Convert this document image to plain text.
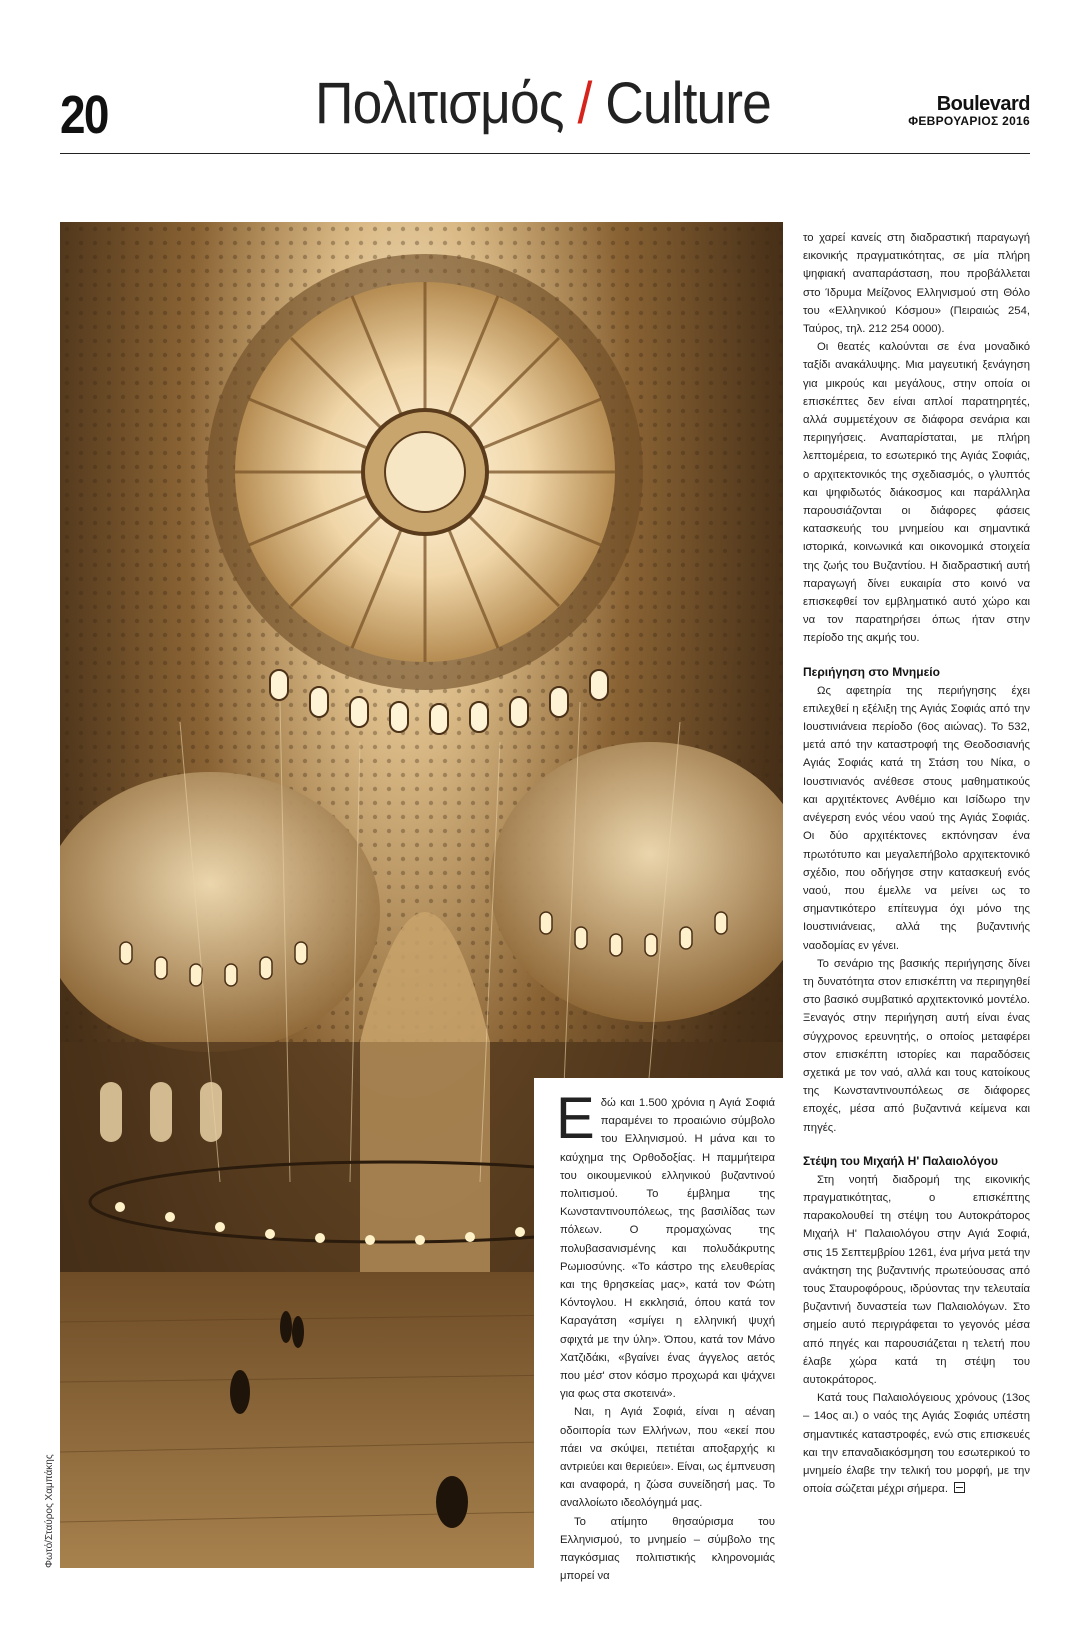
20	Πολιτισμός / Culture	Boulevard
ΦΕΒΡΟΥΑΡΙΟΣ 2016
Φωτό/Σταύρος Χαμπάκης

Εδώ και 1.500 χρόνια η Αγιά Σοφιά παραμένει το προαιώνιο σύμβολο του Ελληνισμού. Η μάνα και το καύχημα της Ορθοδοξίας. Η παμμήτειρα του οικουμενικού ελληνικού βυζαντινού πολιτισμού. Το έμβλημα της Κωνσταντινουπόλεως, της βασιλίδας των πόλεων. Ο προμαχώνας της πολυβασανισμένης και πολυδάκρυτης Ρωμιοσύνης. «Το κάστρο της ελευθερίας και της θρησκείας μας», κατά τον Φώτη Κόντογλου. Η εκκλησιά, όπου κατά τον Καραγάτση «σμίγει η ελληνική ψυχή σφιχτά με την ύλη». Όπου, κατά τον Μάνο Χατζιδάκι, «βγαίνει ένας άγγελος αετός που μέσ' στον κόσμο προχωρά και ψάχνει για φως στα σκοτεινά».

Ναι, η Αγιά Σοφιά, είναι η αέναη οδοιπορία των Ελλήνων, που «εκεί που πάει να σκύψει, πετιέται αποξαρχής κι αντριεύει και θεριεύει». Είναι, ως έμπνευση και αναφορά, η ζώσα συνείδησή μας. Το αναλλοίωτο ιδεολόγημά μας.

Το ατίμητο θησαύρισμα του Ελληνισμού, το μνημείο – σύμβολο της παγκόσμιας πολιτιστικής κληρονομιάς μπορεί να

το χαρεί κανείς στη διαδραστική παραγωγή εικονικής πραγματικότητας, σε μία πλήρη ψηφιακή αναπαράσταση, που προβάλλεται στο Ίδρυμα Μείζονος Ελληνισμού στη Θόλο του «Ελληνικού Κόσμου» (Πειραιώς 254, Ταύρος, τηλ. 212 254 0000).

Οι θεατές καλούνται σε ένα μοναδικό ταξίδι ανακάλυψης. Μια μαγευτική ξενάγηση για μικρούς και μεγάλους, στην οποία οι επισκέπτες δεν είναι απλοί παρατηρητές, αλλά συμμετέχουν σε διάφορα σενάρια και περιηγήσεις. Αναπαρίσταται, με πλήρη λεπτομέρεια, το εσωτερικό της Αγιάς Σοφιάς, ο αρχιτεκτονικός της σχεδιασμός, ο γλυπτός και ψηφιδωτός διάκοσμος και παράλληλα παρουσιάζονται οι διάφορες φάσεις κατασκευής του μνημείου και σημαντικά ιστορικά, κοινωνικά και οικονομικά στοιχεία της ζωής του Βυζαντίου. Η διαδραστική αυτή παραγωγή δίνει ευκαιρία στο κοινό να επισκεφθεί τον εμβληματικό αυτό χώρο και να τον παρατηρήσει όπως ήταν στην περίοδο της ακμής του.

Περιήγηση στο Μνημείο

Ως αφετηρία της περιήγησης έχει επιλεχθεί η εξέλιξη της Αγιάς Σοφιάς από την Ιουστινιάνεια περίοδο (6ος αιώνας). Το 532, μετά από την καταστροφή της Θεοδοσιανής Αγιάς Σοφιάς κατά τη Στάση του Νίκα, ο Ιουστινιανός ανέθεσε στους μαθηματικούς και αρχιτέκτονες Ανθέμιο και Ισίδωρο την ανέγερση ενός νέου ναού της Αγιάς Σοφιάς. Οι δύο αρχιτέκτονες εκπόνησαν ένα πρωτότυπο και μεγαλεπήβολο αρχιτεκτονικό σχέδιο, που οδήγησε στην κατασκευή ενός ναού, που έμελλε να μείνει ως το σημαντικότερο επίτευγμα όχι μόνο της Ιουστινιάνειας, αλλά της βυζαντινής ναοδομίας εν γένει.

Το σενάριο της βασικής περιήγησης δίνει τη δυνατότητα στον επισκέπτη να περιηγηθεί στο βασικό συμβατικό αρχιτεκτονικό μοντέλο. Ξεναγός στην περιήγηση αυτή είναι ένας σύγχρονος ερευνητής, ο οποίος μεταφέρει στον επισκέπτη ιστορίες και παραδόσεις σχετικά με τον ναό, αλλά και τους κατοίκους της Κωνσταντινουπόλεως σε διάφορες εποχές, μέσα από βυζαντινά κείμενα και πηγές.

Στέψη του Μιχαήλ Η' Παλαιολόγου

Στη νοητή διαδρομή της εικονικής πραγματικότητας, ο επισκέπτης παρακολουθεί τη στέψη του Αυτοκράτορος Μιχαήλ Η' Παλαιολόγου στην Αγιά Σοφιά, στις 15 Σεπτεμβρίου 1261, ένα μήνα μετά την ανάκτηση της βυζαντινής πρωτεύουσας από τους Σταυροφόρους, ιδρύοντας την τελευταία βυζαντινή δυναστεία των Παλαιολόγων. Στο σημείο αυτό περιγράφεται το γεγονός μέσα από πηγές και παρουσιάζεται η τελετή που έλαβε χώρα κατά τη στέψη του αυτοκράτορος.

Κατά τους Παλαιολόγειους χρόνους (13ος – 14ος αι.) ο ναός της Αγιάς Σοφιάς υπέστη σημαντικές καταστροφές, ενώ στις επισκευές και την επαναδιακόσμηση του εσωτερικού το μνημείο έλαβε την τελική του μορφή, με την οποία σώζεται μέχρι σήμερα.
